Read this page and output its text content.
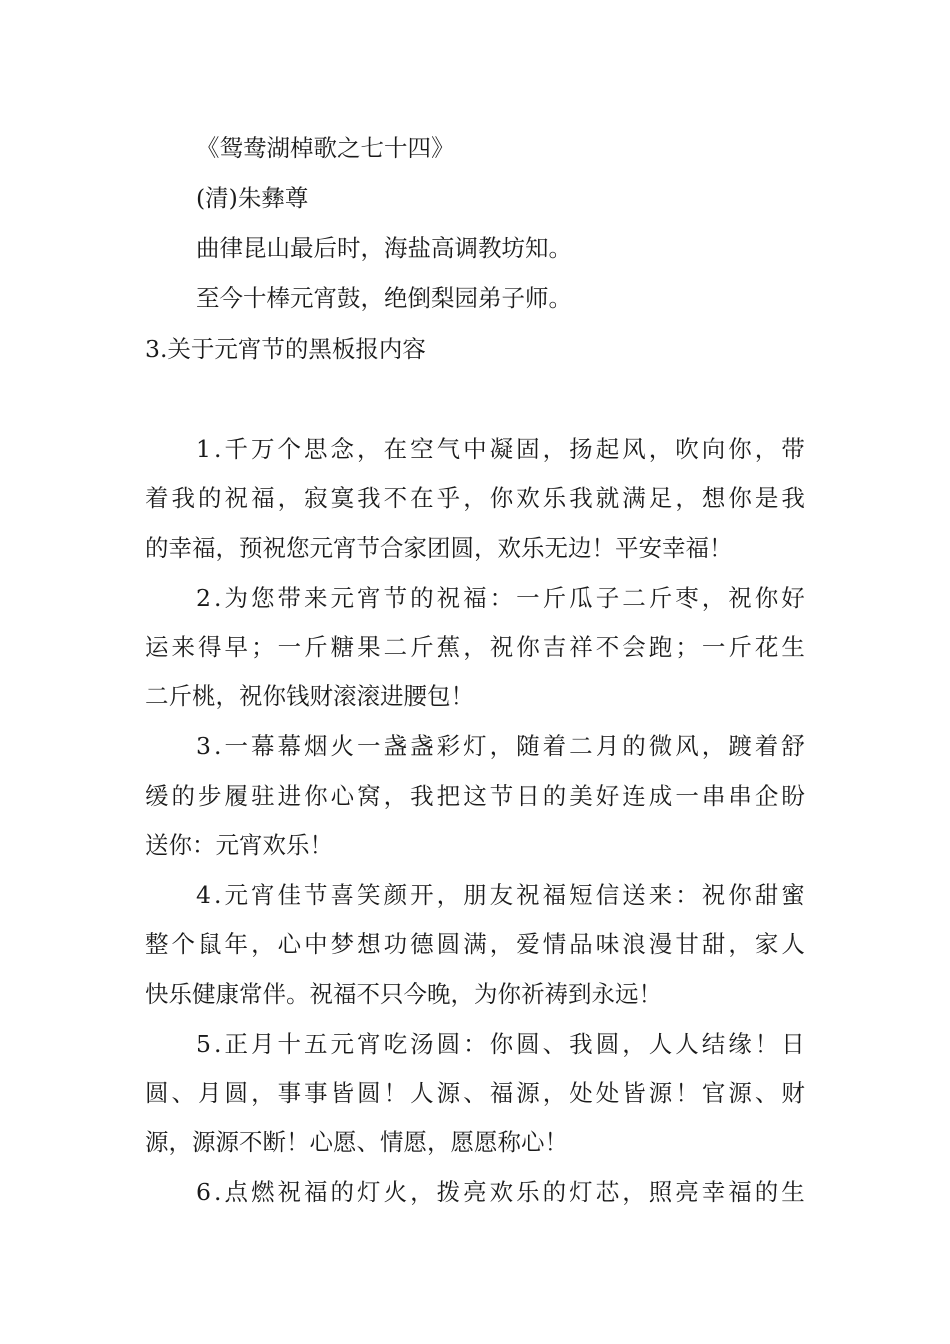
《鸳鸯湖棹歌之七十四》
(清)朱彝尊
曲律昆山最后时，海盐高调教坊知。
至今十棒元宵鼓，绝倒梨园弟子师。
3.关于元宵节的黑板报内容
1 . 千 万 个 思 念 ， 在 空 气 中 凝 固 ， 扬 起 风 ， 吹 向 你 ， 带
着 我 的 祝 福 ， 寂 寞 我 不 在 乎 ， 你 欢 乐 我 就 满 足 ， 想 你 是 我
的幸福，预祝您元宵节合家团圆，欢乐无边！平安幸福！
2 . 为 您 带 来 元 宵 节 的 祝 福 ： 一 斤 瓜 子 二 斤 枣 ， 祝 你 好
运 来 得 早 ； 一 斤 糖 果 二 斤 蕉 ， 祝 你 吉 祥 不 会 跑 ； 一 斤 花 生
二斤桃，祝你钱财滚滚进腰包！
3 . 一 幕 幕 烟 火 一 盏 盏 彩 灯 ， 随 着 二 月 的 微 风 ， 踱 着 舒
缓 的 步 履 驻 进 你 心 窝 ， 我 把 这 节 日 的 美 好 连 成 一 串 串 企 盼
送你：元宵欢乐！
4 . 元 宵 佳 节 喜 笑 颜 开 ， 朋 友 祝 福 短 信 送 来 ： 祝 你 甜 蜜
整 个 鼠 年 ， 心 中 梦 想 功 德 圆 满 ， 爱 情 品 味 浪 漫 甘 甜 ， 家 人
快乐健康常伴。祝福不只今晚，为你祈祷到永远！
5 . 正 月 十 五 元 宵 吃 汤 圆 ： 你 圆 、 我 圆 ， 人 人 结 缘 ！ 日
圆 、 月 圆 ， 事 事 皆 圆 ！ 人 源 、 福 源 ， 处 处 皆 源 ！ 官 源 、 财
源，源源不断！心愿、情愿，愿愿称心！
6 . 点 燃 祝 福 的 灯 火 ， 拨 亮 欢 乐 的 灯 芯 ， 照 亮 幸 福 的 生
